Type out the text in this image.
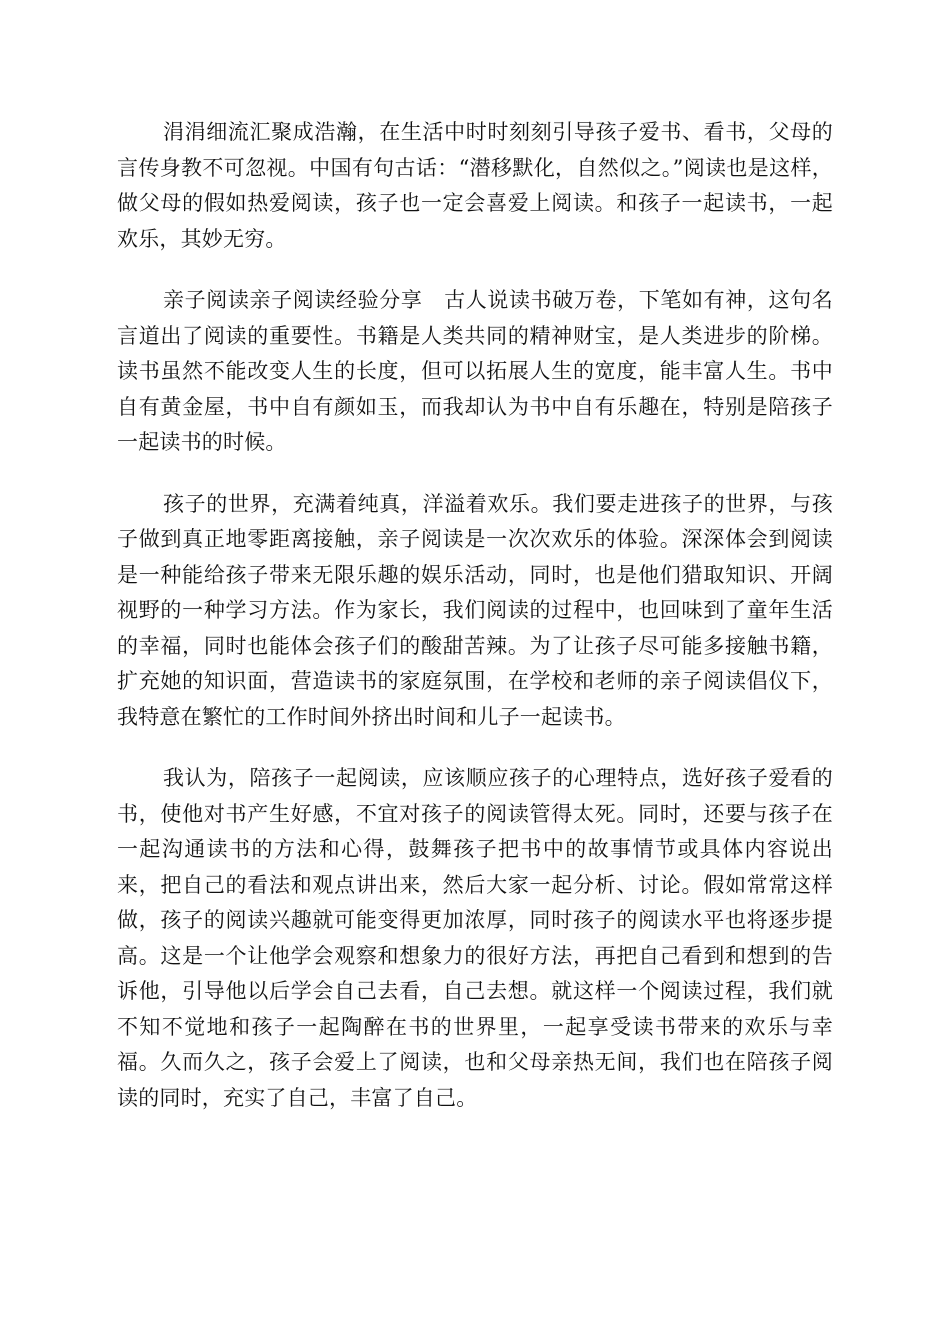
涓涓细流汇聚成浩瀚，在生活中时时刻刻引导孩子爱书、看书，父母的言传身教不可忽视。中国有句古话：“潜移默化，自然似之。”阅读也是这样，做父母的假如热爱阅读，孩子也一定会喜爱上阅读。和孩子一起读书，一起欢乐，其妙无穷。

亲子阅读亲子阅读经验分享　古人说读书破万卷，下笔如有神，这句名言道出了阅读的重要性。书籍是人类共同的精神财宝，是人类进步的阶梯。读书虽然不能改变人生的长度，但可以拓展人生的宽度，能丰富人生。书中自有黄金屋，书中自有颜如玉，而我却认为书中自有乐趣在，特别是陪孩子一起读书的时候。

孩子的世界，充满着纯真，洋溢着欢乐。我们要走进孩子的世界，与孩子做到真正地零距离接触，亲子阅读是一次次欢乐的体验。深深体会到阅读是一种能给孩子带来无限乐趣的娱乐活动，同时，也是他们猎取知识、开阔视野的一种学习方法。作为家长，我们阅读的过程中，也回味到了童年生活的幸福，同时也能体会孩子们的酸甜苦辣。为了让孩子尽可能多接触书籍，扩充她的知识面，营造读书的家庭氛围，在学校和老师的亲子阅读倡仪下，我特意在繁忙的工作时间外挤出时间和儿子一起读书。

我认为，陪孩子一起阅读，应该顺应孩子的心理特点，选好孩子爱看的书，使他对书产生好感，不宜对孩子的阅读管得太死。同时，还要与孩子在一起沟通读书的方法和心得，鼓舞孩子把书中的故事情节或具体内容说出来，把自己的看法和观点讲出来，然后大家一起分析、讨论。假如常常这样做，孩子的阅读兴趣就可能变得更加浓厚，同时孩子的阅读水平也将逐步提高。这是一个让他学会观察和想象力的很好方法，再把自己看到和想到的告诉他，引导他以后学会自己去看，自己去想。就这样一个阅读过程，我们就不知不觉地和孩子一起陶醉在书的世界里，一起享受读书带来的欢乐与幸福。久而久之，孩子会爱上了阅读，也和父母亲热无间，我们也在陪孩子阅读的同时，充实了自己，丰富了自己。
